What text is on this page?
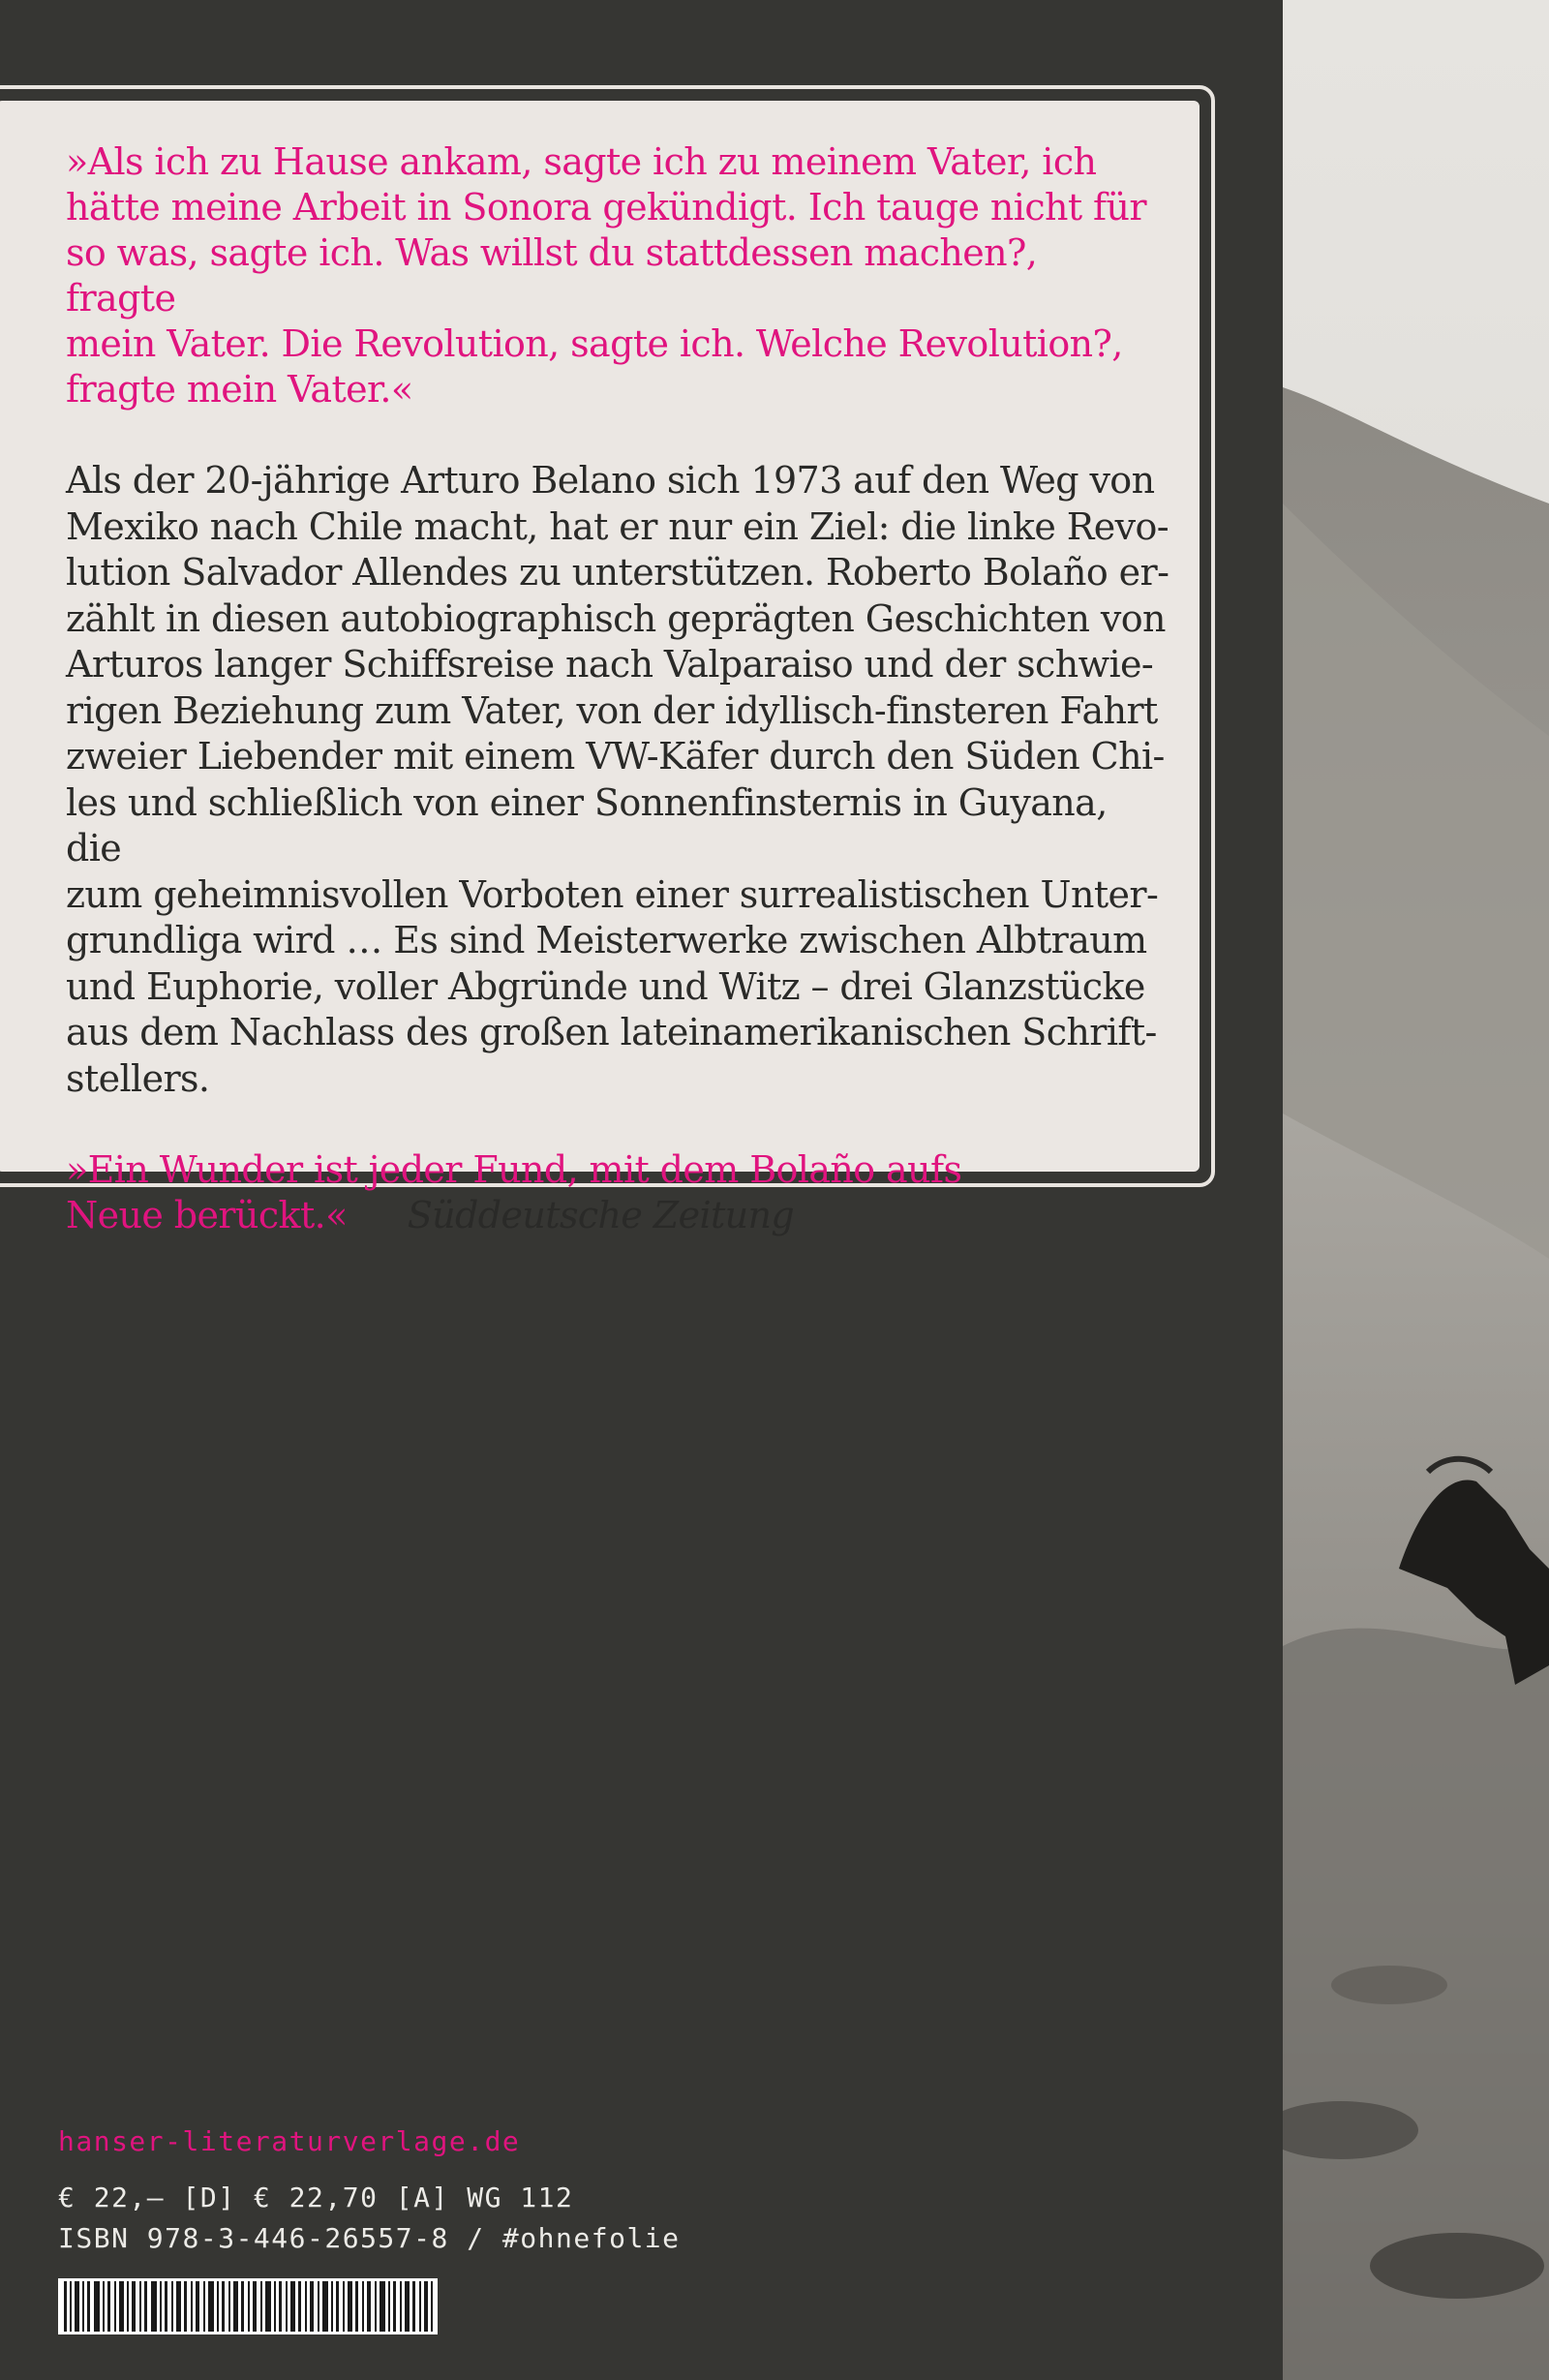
»Als ich zu Hause ankam, sagte ich zu meinem Vater, ich
hätte meine Arbeit in Sonora gekündigt. Ich tauge nicht für
so was, sagte ich. Was willst du stattdessen machen?, fragte
mein Vater. Die Revolution, sagte ich. Welche Revolution?,
fragte mein Vater.«

Als der 20-jährige Arturo Belano sich 1973 auf den Weg von
Mexiko nach Chile macht, hat er nur ein Ziel: die linke Revo-
lution Salvador Allendes zu unterstützen. Roberto Bolaño er-
zählt in diesen autobiographisch geprägten Geschichten von
Arturos langer Schiffsreise nach Valparaiso und der schwie-
rigen Beziehung zum Vater, von der idyllisch-finsteren Fahrt
zweier Liebender mit einem VW-Käfer durch den Süden Chi-
les und schließlich von einer Sonnenfinsternis in Guyana, die
zum geheimnisvollen Vorboten einer surrealistischen Unter-
grundliga wird … Es sind Meisterwerke zwischen Albtraum
und Euphorie, voller Abgründe und Witz – drei Glanzstücke
aus dem Nachlass des großen lateinamerikanischen Schrift-
stellers.

»Ein Wunder ist jeder Fund, mit dem Bolaño aufs
Neue berückt.« Süddeutsche Zeitung

hanser-literaturverlage.de

€ 22,– [D] € 22,70 [A] WG 112

ISBN 978-3-446-26557-8 / #ohnefolie
